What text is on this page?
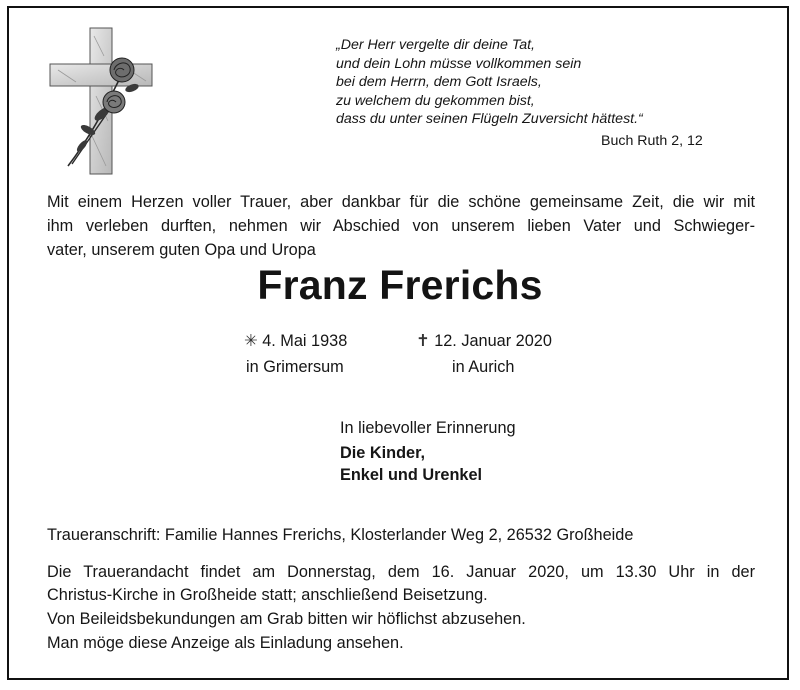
„Der Herr vergelte dir deine Tat,
und dein Lohn müsse vollkommen sein
bei dem Herrn, dem Gott Israels,
zu welchem du gekommen bist,
dass du unter seinen Flügeln Zuversicht hättest.“
Buch Ruth 2, 12
Mit einem Herzen voller Trauer, aber dankbar für die schöne gemeinsame Zeit, die wir mit
ihm verleben durften, nehmen wir Abschied von unserem lieben Vater und Schwieger-
vater, unserem guten Opa und Uropa
Franz Frerichs
✳ 4. Mai 1938
in Grimersum
✝ 12. Januar 2020
in Aurich
In liebevoller Erinnerung
Die Kinder,
Enkel und Urenkel
Traueranschrift: Familie Hannes Frerichs, Klosterlander Weg 2, 26532 Großheide
Die Trauerandacht findet am Donnerstag, dem 16. Januar 2020, um 13.30 Uhr in der
Christus-Kirche in Großheide statt; anschließend Beisetzung.
Von Beileidsbekundungen am Grab bitten wir höflichst abzusehen.
Man möge diese Anzeige als Einladung ansehen.
